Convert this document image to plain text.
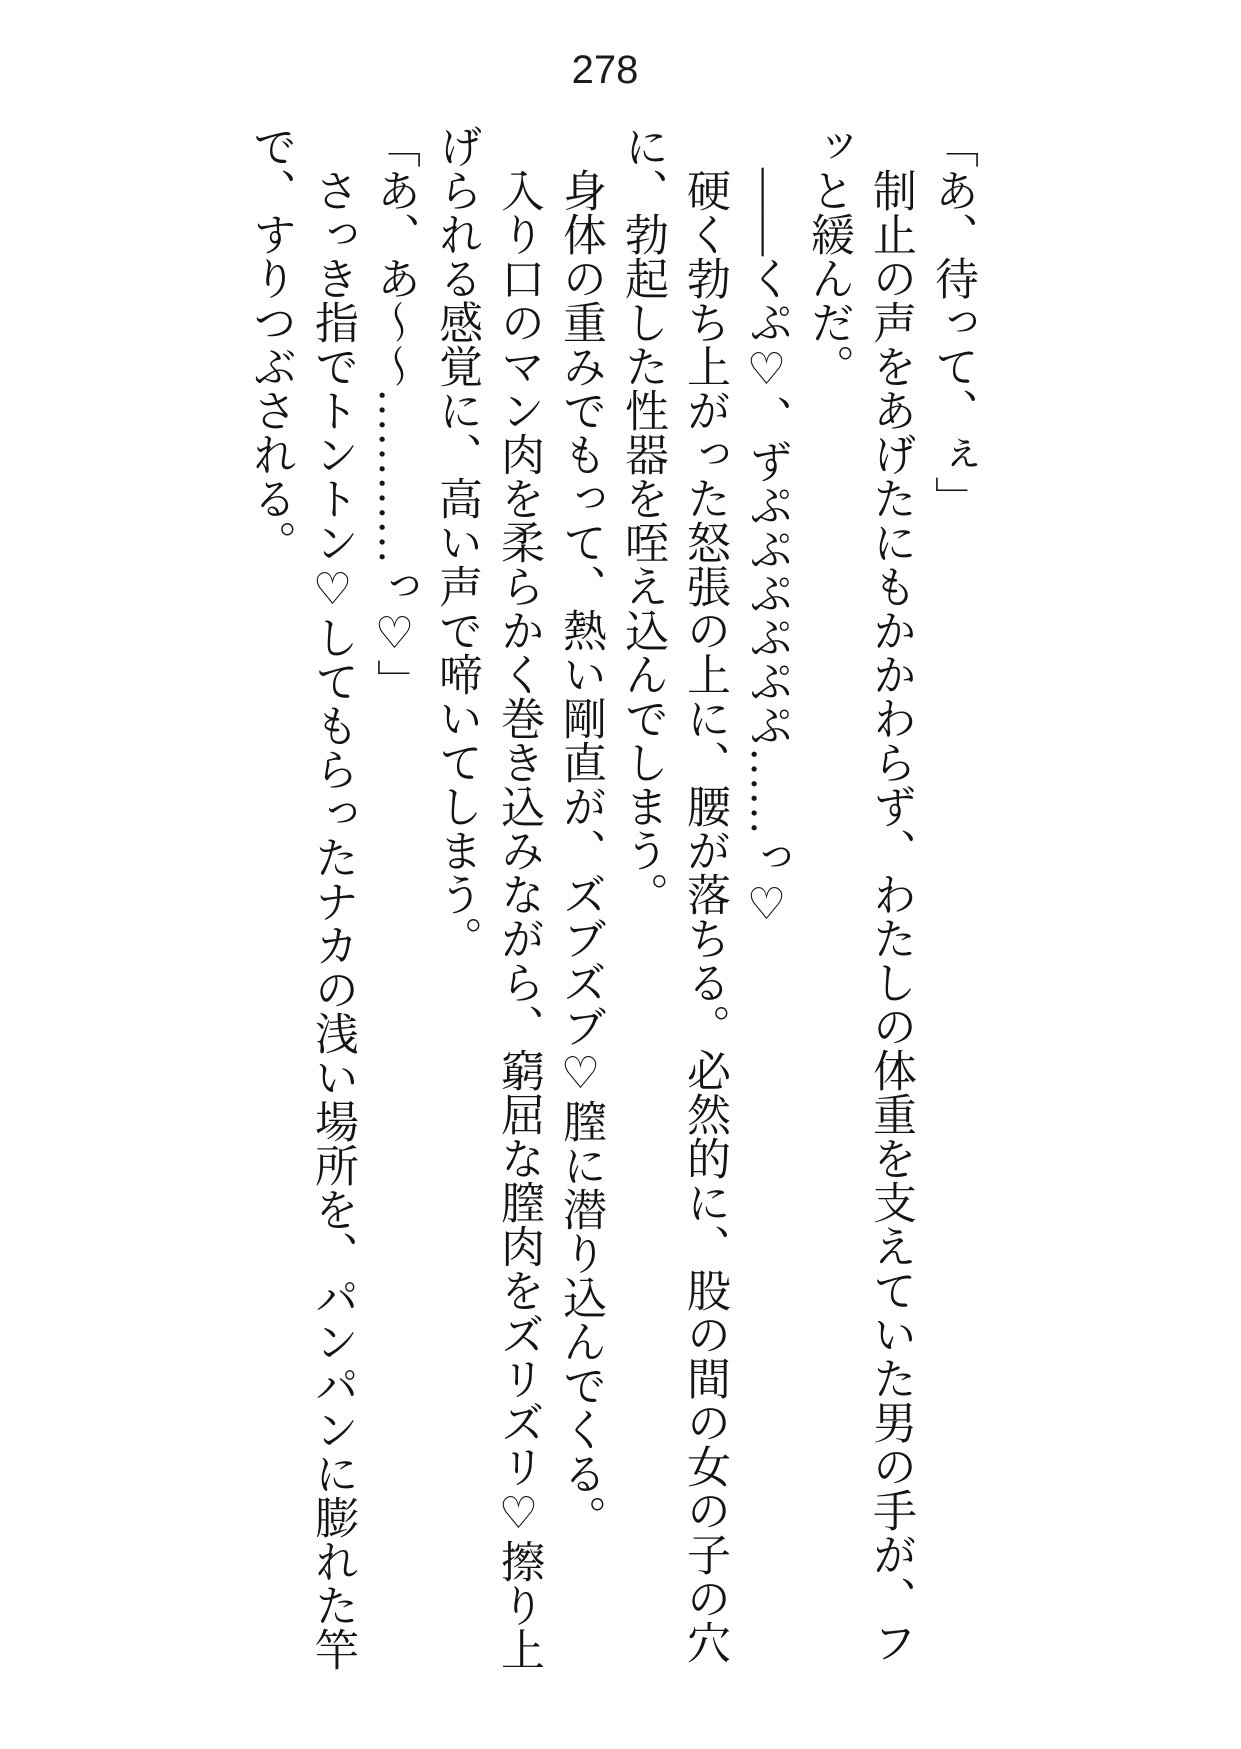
278
「あ、待って、ぇ」
制止の声をあげたにもかかわらず、わたしの体重を支えていた男の手が、フ
ッと緩んだ。
――くぷ♡、ずぷぷぷぷぷぷ……っ♡
硬く勃ち上がった怒張の上に、腰が落ちる。必然的に、股の間の女の子の穴
に、勃起した性器を咥え込んでしまう。
身体の重みでもって、熱い剛直が、ズブズブ♡膣に潜り込んでくる。
入り口のマン肉を柔らかく巻き込みながら、窮屈な膣肉をズリズリ♡擦り上
げられる感覚に、高い声で啼いてしまう。
「あ、あ～～…………っ♡」
さっき指でトントン♡してもらったナカの浅い場所を、パンパンに膨れた竿
で、すりつぶされる。
